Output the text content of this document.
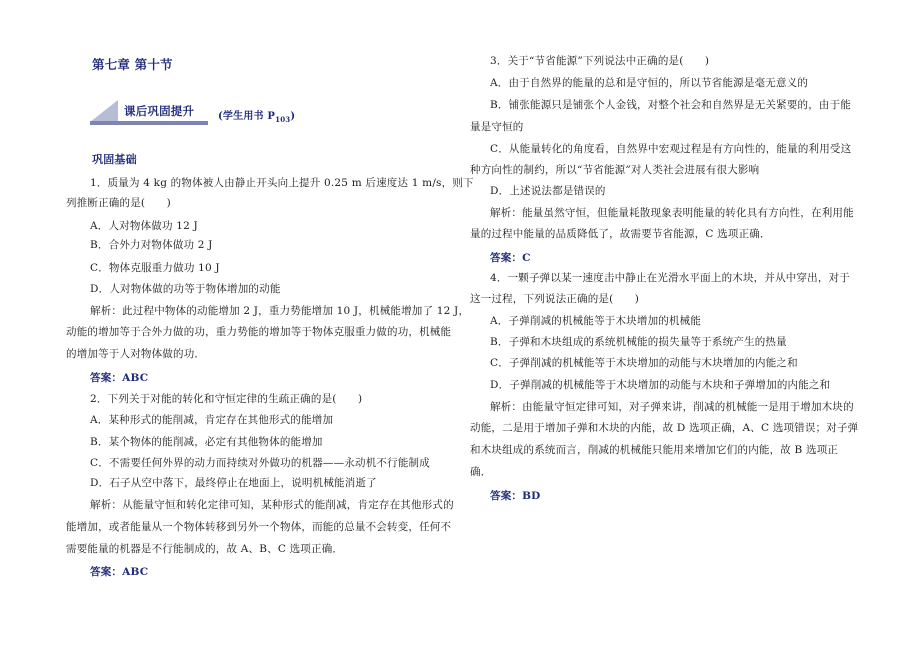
第七章 第十节
课后巩固提升 (学生用书 $P_{103}$)
巩固基础
1．质量为 4 kg 的物体被人由静止开头向上提升 0.25 m 后速度达 1 m/s，则下
列推断正确的是(　　)
A．人对物体做功 12 J
B．合外力对物体做功 2 J
C．物体克服重力做功 10 J
D．人对物体做的功等于物体增加的动能
解析：此过程中物体的动能增加 2 J，重力势能增加 10 J，机械能增加了 12 J，
动能的增加等于合外力做的功，重力势能的增加等于物体克服重力做的功，机械能
的增加等于人对物体做的功．
答案：ABC
2．下列关于对能的转化和守恒定律的生疏正确的是(　　)
A．某种形式的能削减，肯定存在其他形式的能增加
B．某个物体的能削减，必定有其他物体的能增加
C．不需要任何外界的动力而持续对外做功的机器——永动机不行能制成
D．石子从空中落下，最终停止在地面上，说明机械能消逝了
解析：从能量守恒和转化定律可知，某种形式的能削减，肯定存在其他形式的
能增加，或者能量从一个物体转移到另外一个物体，而能的总量不会转变，任何不
需要能量的机器是不行能制成的，故 A、B、C 选项正确．
答案：ABC
3．关于“节省能源”下列说法中正确的是(　　)
A．由于自然界的能量的总和是守恒的，所以节省能源是毫无意义的
B．铺张能源只是铺张个人金钱，对整个社会和自然界是无关紧要的，由于能
量是守恒的
C．从能量转化的角度看，自然界中宏观过程是有方向性的，能量的利用受这
种方向性的制约，所以“节省能源”对人类社会进展有很大影响
D．上述说法都是错误的
解析：能量虽然守恒，但能量耗散现象表明能量的转化具有方向性，在利用能
量的过程中能量的品质降低了，故需要节省能源，C 选项正确．
答案：C
4．一颗子弹以某一速度击中静止在光滑水平面上的木块，并从中穿出，对于
这一过程，下列说法正确的是(　　)
A．子弹削减的机械能等于木块增加的机械能
B．子弹和木块组成的系统机械能的损失量等于系统产生的热量
C．子弹削减的机械能等于木块增加的动能与木块增加的内能之和
D．子弹削减的机械能等于木块增加的动能与木块和子弹增加的内能之和
解析：由能量守恒定律可知，对子弹来讲，削减的机械能一是用于增加木块的
动能，二是用于增加子弹和木块的内能，故 D 选项正确，A、C 选项错误；对子弹
和木块组成的系统而言，削减的机械能只能用来增加它们的内能，故 B 选项正
确．
答案：BD
